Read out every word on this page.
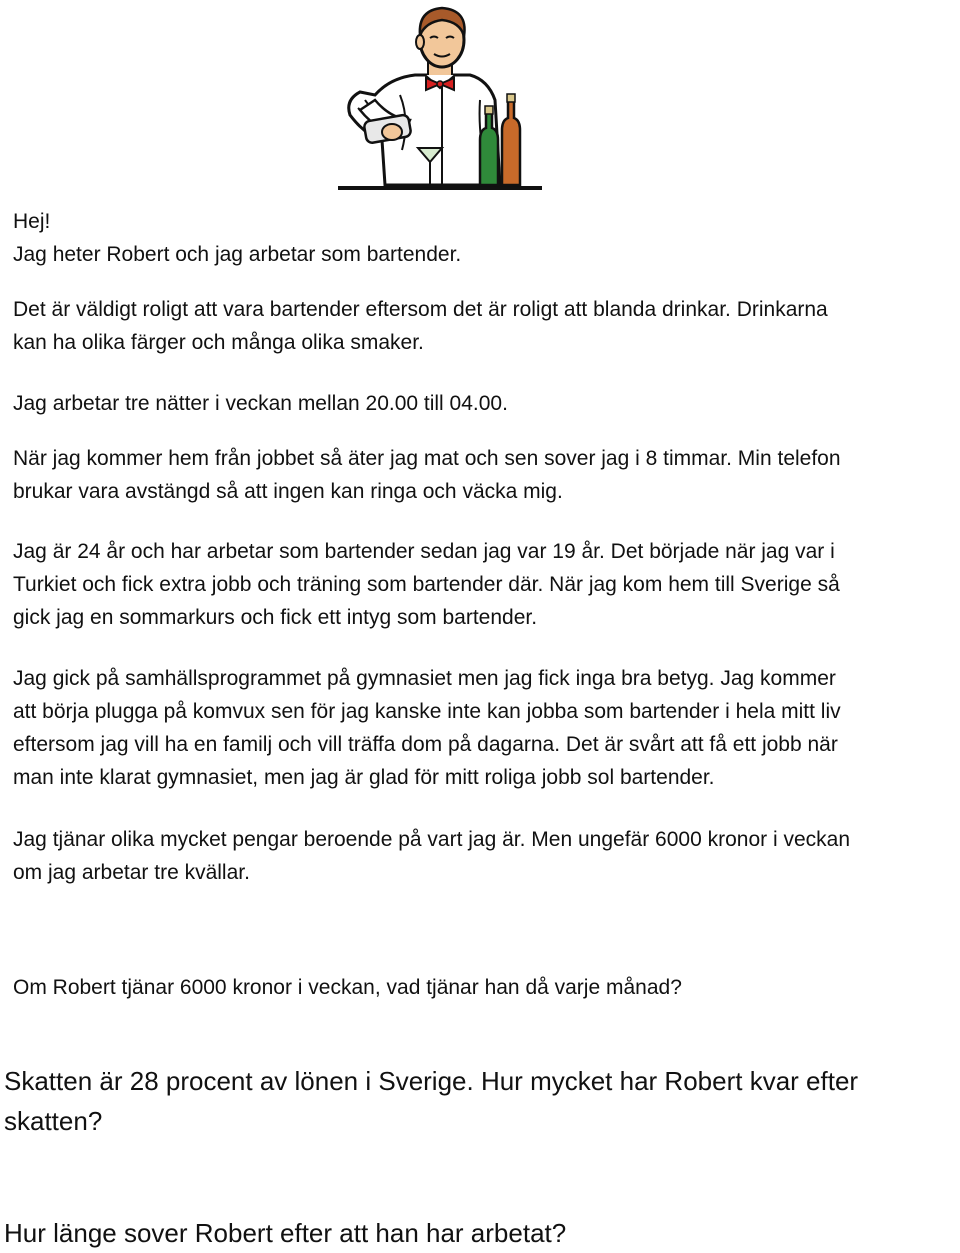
Hej!

Jag heter Robert och jag arbetar som bartender.

Det är väldigt roligt att vara bartender eftersom det är roligt att blanda drinkar. Drinkarna

kan ha olika färger och många olika smaker.

Jag arbetar tre nätter i veckan mellan 20.00 till 04.00.

När jag kommer hem från jobbet så äter jag mat och sen sover jag i 8 timmar. Min telefon

brukar vara avstängd så att ingen kan ringa och väcka mig.

Jag är 24 år och har arbetar som bartender sedan jag var 19 år. Det började när jag var i

Turkiet och fick extra jobb och träning som bartender där. När jag kom hem till Sverige så

gick jag en sommarkurs och fick ett intyg som bartender.

Jag gick på samhällsprogrammet på gymnasiet men jag fick inga bra betyg. Jag kommer

att börja plugga på komvux sen för jag kanske inte kan jobba som bartender i hela mitt liv

eftersom jag vill ha en familj och vill träffa dom på dagarna. Det är svårt att få ett jobb när

man inte klarat gymnasiet, men jag är glad för mitt roliga jobb sol bartender.

Jag tjänar olika mycket pengar beroende på vart jag är. Men ungefär 6000 kronor i veckan

om jag arbetar tre kvällar.

Om Robert tjänar 6000 kronor i veckan, vad tjänar han då varje månad?

Skatten är 28 procent av lönen i Sverige. Hur mycket har Robert kvar efter
skatten?

Hur länge sover Robert efter att han har arbetat?
